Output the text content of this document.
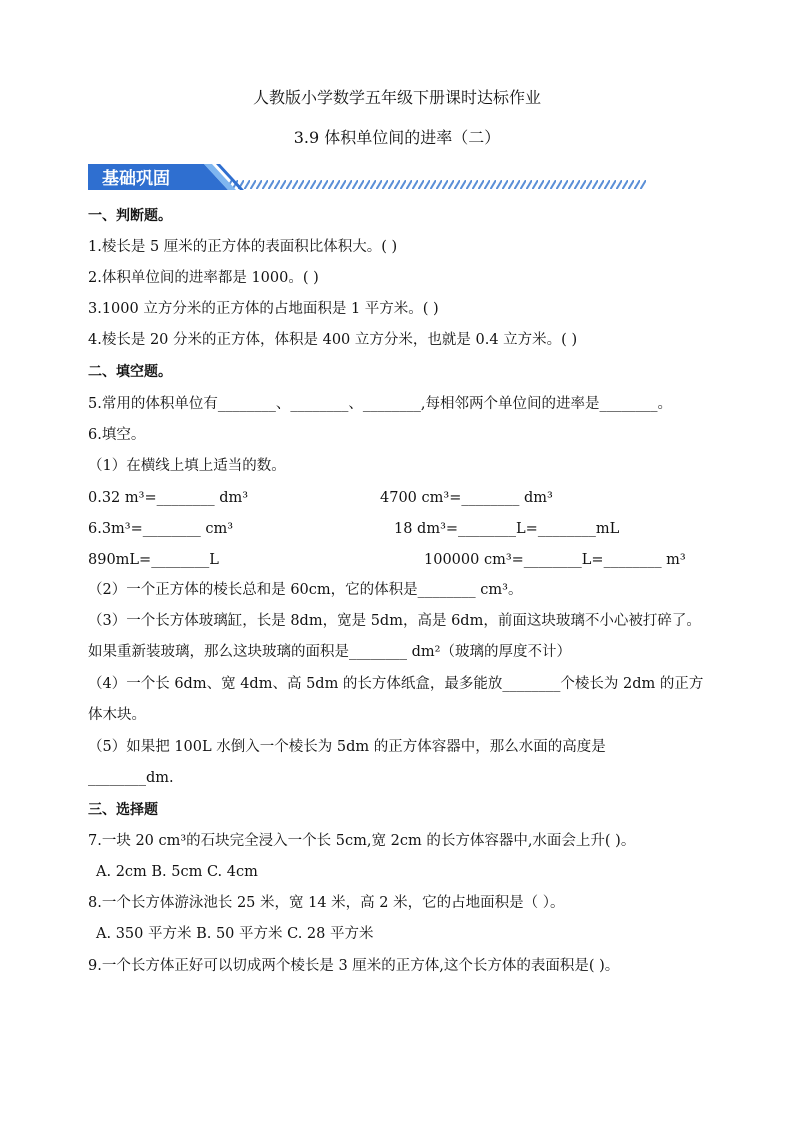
人教版小学数学五年级下册课时达标作业
3.9 体积单位间的进率（二）
基础巩固
一、判断题。
1.棱长是 5 厘米的正方体的表面积比体积大。( )
2.体积单位间的进率都是 1000。( )
3.1000 立方分米的正方体的占地面积是 1 平方米。( )
4.棱长是 20 分米的正方体，体积是 400 立方分米，也就是 0.4 立方米。( )
二、填空题。
5.常用的体积单位有________、________、________,每相邻两个单位间的进率是________。
6.填空。
（1）在横线上填上适当的数。
0.32 m³=________ dm³	4700 cm³=________ dm³
6.3m³=________ cm³	18 dm³=________L=________mL
890mL=________L	100000 cm³=________L=________ m³
（2）一个正方体的棱长总和是 60cm，它的体积是________ cm³。
（3）一个长方体玻璃缸，长是 8dm，宽是 5dm，高是 6dm，前面这块玻璃不小心被打碎了。
如果重新装玻璃，那么这块玻璃的面积是________ dm²（玻璃的厚度不计）
（4）一个长 6dm、宽 4dm、高 5dm 的长方体纸盒，最多能放________个棱长为 2dm 的正方
体木块。
（5）如果把 100L 水倒入一个棱长为 5dm 的正方体容器中，那么水面的高度是
________dm.
三、选择题
7.一块 20 cm³的石块完全浸入一个长 5cm,宽 2cm 的长方体容器中,水面会上升( )。
A. 2cm B. 5cm C. 4cm
8.一个长方体游泳池长 25 米，宽 14 米，高 2 米，它的占地面积是（ ）。
A. 350 平方米 B. 50 平方米 C. 28 平方米
9.一个长方体正好可以切成两个棱长是 3 厘米的正方体,这个长方体的表面积是( )。
